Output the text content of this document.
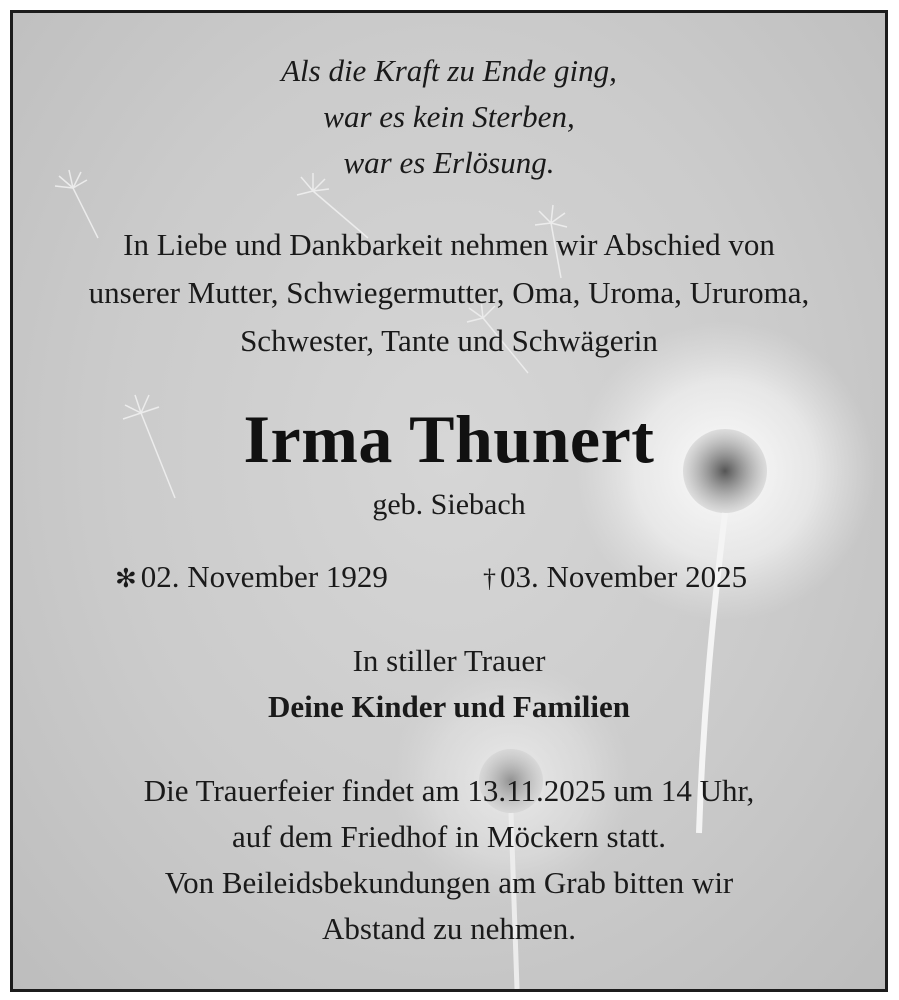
Als die Kraft zu Ende ging,
war es kein Sterben,
war es Erlösung.
In Liebe und Dankbarkeit nehmen wir Abschied von
unserer Mutter, Schwiegermutter, Oma, Uroma, Ururoma,
Schwester, Tante und Schwägerin
Irma Thunert
geb. Siebach
✻ 02. November 1929	† 03. November 2025
In stiller Trauer
Deine Kinder und Familien
Die Trauerfeier findet am 13.11.2025 um 14 Uhr,
auf dem Friedhof in Möckern statt.
Von Beileidsbekundungen am Grab bitten wir
Abstand zu nehmen.
